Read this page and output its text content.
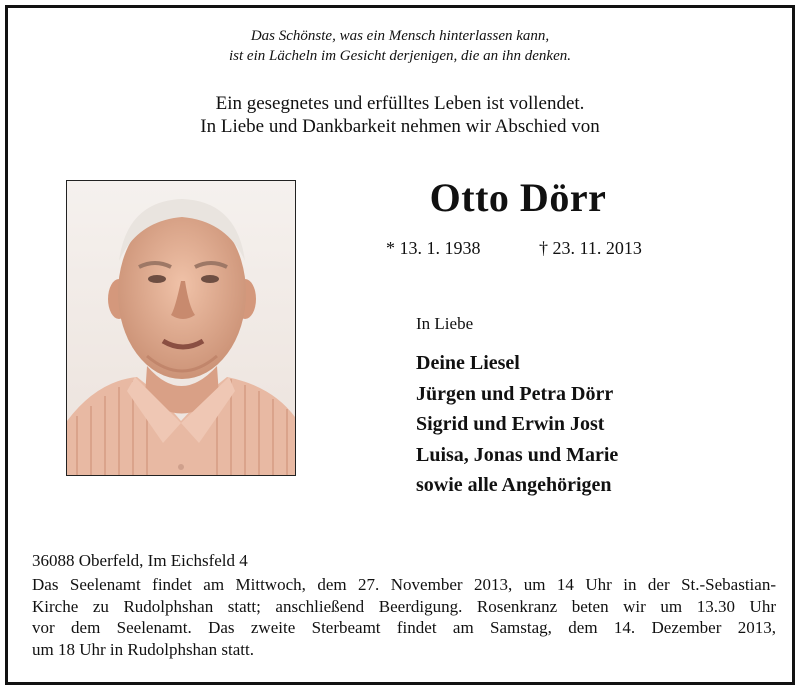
Das Schönste, was ein Mensch hinterlassen kann,
ist ein Lächeln im Gesicht derjenigen, die an ihn denken.
Ein gesegnetes und erfülltes Leben ist vollendet.
In Liebe und Dankbarkeit nehmen wir Abschied von
Otto Dörr
* 13. 1. 1938	† 23. 11. 2013
In Liebe
Deine Liesel
Jürgen und Petra Dörr
Sigrid und Erwin Jost
Luisa, Jonas und Marie
sowie alle Angehörigen
36088 Oberfeld, Im Eichsfeld 4
Das Seelenamt findet am Mittwoch, dem 27. November 2013, um 14 Uhr in der St.-Sebastian-
Kirche zu Rudolphshan statt; anschließend Beerdigung. Rosenkranz beten wir um 13.30 Uhr
vor dem Seelenamt. Das zweite Sterbeamt findet am Samstag, dem 14. Dezember 2013,
um 18 Uhr in Rudolphshan statt.
